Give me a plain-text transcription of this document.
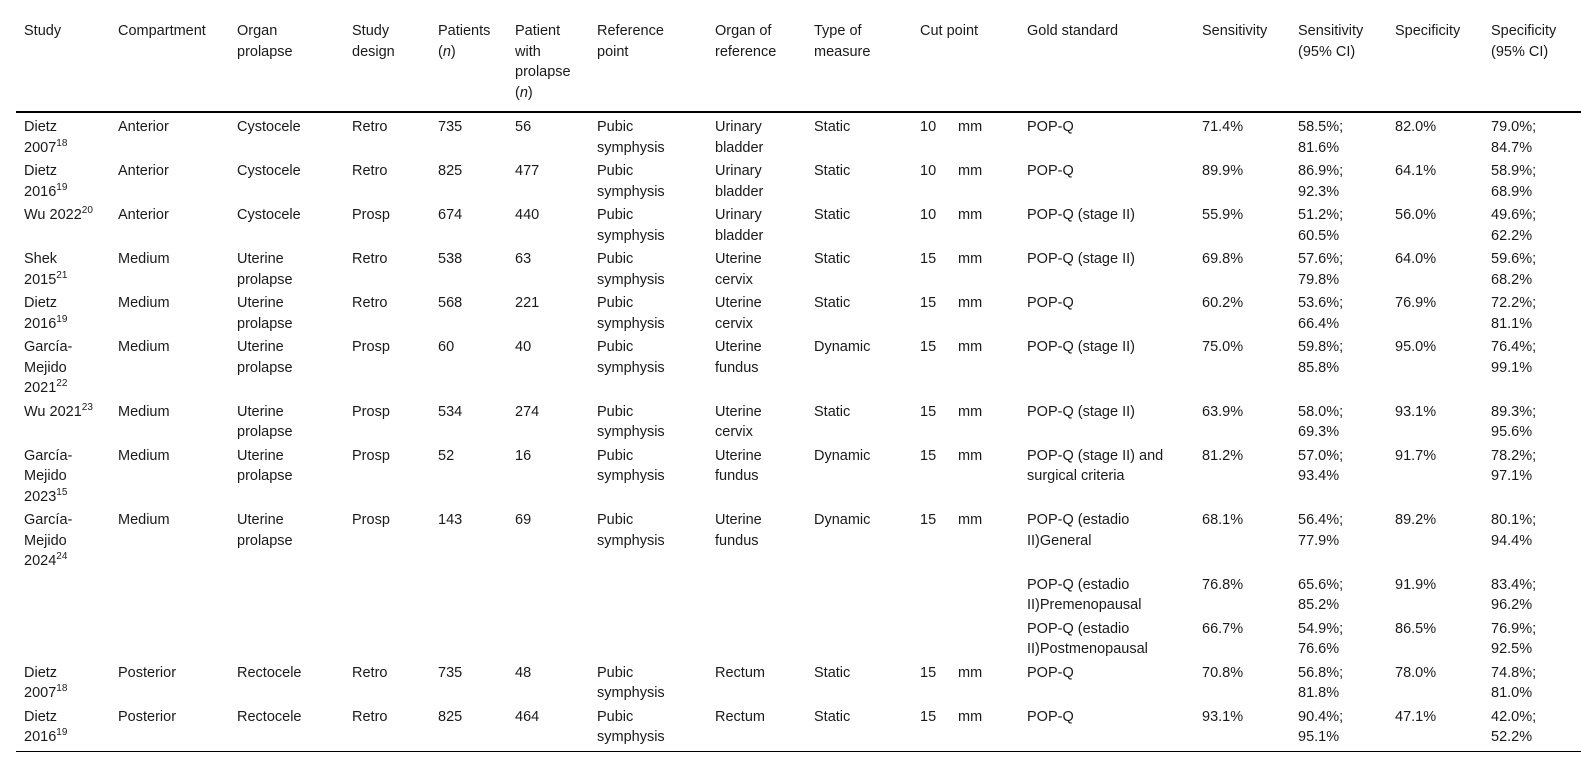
Study	Compartment	Organ prolapse	Study design	Patients (n)	Patient with prolapse (n)	Reference point	Organ of reference	Type of measure	Cut point	Gold standard	Sensitivity	Sensitivity (95% CI)	Specificity	Specificity (95% CI)
Dietz 2007$^{18}$	Anterior	Cystocele	Retro	735	56	Pubic symphysis	Urinary bladder	Static	10 mm	POP-Q	71.4%	58.5%; 81.6%	82.0%	79.0%; 84.7%
Dietz 2016$^{19}$	Anterior	Cystocele	Retro	825	477	Pubic symphysis	Urinary bladder	Static	10 mm	POP-Q	89.9%	86.9%; 92.3%	64.1%	58.9%; 68.9%
Wu 2022$^{20}$	Anterior	Cystocele	Prosp	674	440	Pubic symphysis	Urinary bladder	Static	10 mm	POP-Q (stage II)	55.9%	51.2%; 60.5%	56.0%	49.6%; 62.2%
Shek 2015$^{21}$	Medium	Uterine prolapse	Retro	538	63	Pubic symphysis	Uterine cervix	Static	15 mm	POP-Q (stage II)	69.8%	57.6%; 79.8%	64.0%	59.6%; 68.2%
Dietz 2016$^{19}$	Medium	Uterine prolapse	Retro	568	221	Pubic symphysis	Uterine cervix	Static	15 mm	POP-Q	60.2%	53.6%; 66.4%	76.9%	72.2%; 81.1%
García-Mejido 2021$^{22}$	Medium	Uterine prolapse	Prosp	60	40	Pubic symphysis	Uterine fundus	Dynamic	15 mm	POP-Q (stage II)	75.0%	59.8%; 85.8%	95.0%	76.4%; 99.1%
Wu 2021$^{23}$	Medium	Uterine prolapse	Prosp	534	274	Pubic symphysis	Uterine cervix	Static	15 mm	POP-Q (stage II)	63.9%	58.0%; 69.3%	93.1%	89.3%; 95.6%
García-Mejido 2023$^{15}$	Medium	Uterine prolapse	Prosp	52	16	Pubic symphysis	Uterine fundus	Dynamic	15 mm	POP-Q (stage II) and surgical criteria	81.2%	57.0%; 93.4%	91.7%	78.2%; 97.1%
García-Mejido 2024$^{24}$	Medium	Uterine prolapse	Prosp	143	69	Pubic symphysis	Uterine fundus	Dynamic	15 mm	POP-Q (estadio II)General	68.1%	56.4%; 77.9%	89.2%	80.1%; 94.4%
										POP-Q (estadio II)Premenopausal	76.8%	65.6%; 85.2%	91.9%	83.4%; 96.2%
										POP-Q (estadio II)Postmenopausal	66.7%	54.9%; 76.6%	86.5%	76.9%; 92.5%
Dietz 2007$^{18}$	Posterior	Rectocele	Retro	735	48	Pubic symphysis	Rectum	Static	15 mm	POP-Q	70.8%	56.8%; 81.8%	78.0%	74.8%; 81.0%
Dietz 2016$^{19}$	Posterior	Rectocele	Retro	825	464	Pubic symphysis	Rectum	Static	15 mm	POP-Q	93.1%	90.4%; 95.1%	47.1%	42.0%; 52.2%
